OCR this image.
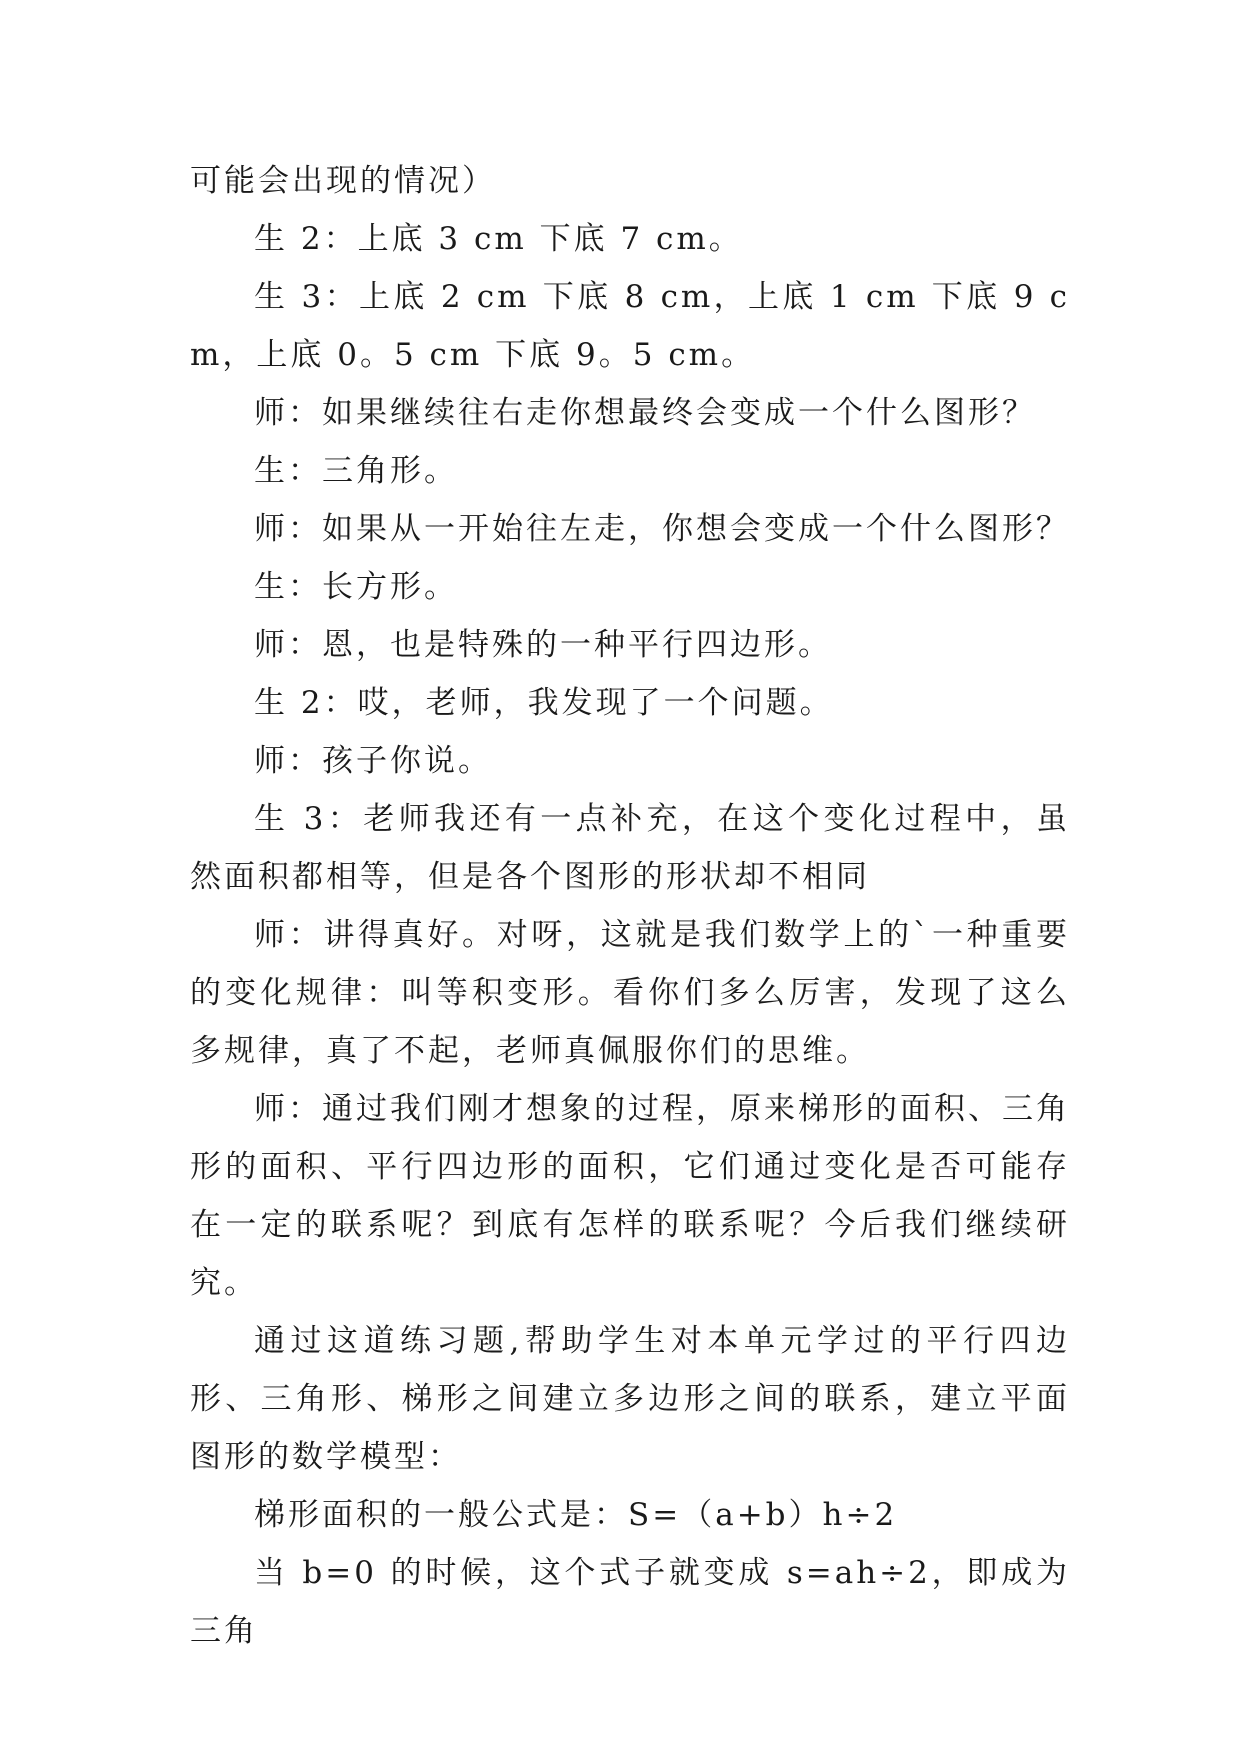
可能会出现的情况）

生 2：上底 3 cm 下底 7 cm。

生 3：上底 2 cm 下底 8 cm，上底 1 cm 下底 9 cm，上底 0。5 cm 下底 9。5 cm。

师：如果继续往右走你想最终会变成一个什么图形？

生：三角形。

师：如果从一开始往左走，你想会变成一个什么图形？

生：长方形。

师：恩，也是特殊的一种平行四边形。

生 2：哎，老师，我发现了一个问题。

师：孩子你说。

生 3：老师我还有一点补充，在这个变化过程中，虽然面积都相等，但是各个图形的形状却不相同

师：讲得真好。对呀，这就是我们数学上的`一种重要的变化规律：叫等积变形。看你们多么厉害，发现了这么多规律，真了不起，老师真佩服你们的思维。

师：通过我们刚才想象的过程，原来梯形的面积、三角形的面积、平行四边形的面积，它们通过变化是否可能存在一定的联系呢？到底有怎样的联系呢？今后我们继续研究。

通过这道练习题,帮助学生对本单元学过的平行四边形、三角形、梯形之间建立多边形之间的联系，建立平面图形的数学模型：

梯形面积的一般公式是：S=（a+b）h÷2

当 b=0 的时候，这个式子就变成 s=ah÷2，即成为三角
